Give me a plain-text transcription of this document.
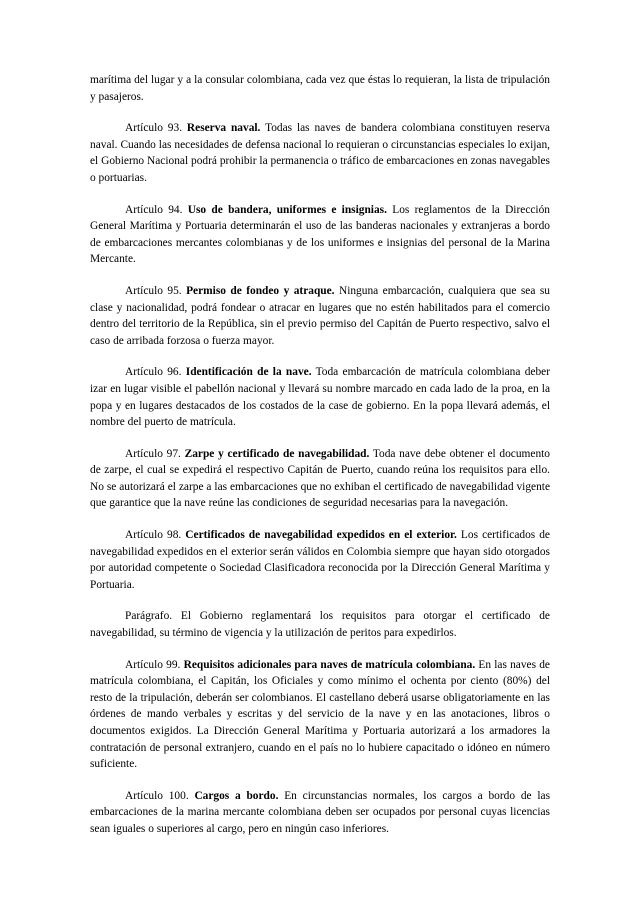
marítima del lugar y a la consular colombiana, cada vez que éstas lo requieran, la lista de tripulación y pasajeros.

Artículo 93. Reserva naval. Todas las naves de bandera colombiana constituyen reserva naval. Cuando las necesidades de defensa nacional lo requieran o circunstancias especiales lo exijan, el Gobierno Nacional podrá prohibir la permanencia o tráfico de embarcaciones en zonas navegables o portuarias.

Artículo 94. Uso de bandera, uniformes e insignias. Los reglamentos de la Dirección General Marítima y Portuaria determinarán el uso de las banderas nacionales y extranjeras a bordo de embarcaciones mercantes colombianas y de los uniformes e insignias del personal de la Marina Mercante.

Artículo 95. Permiso de fondeo y atraque. Ninguna embarcación, cualquiera que sea su clase y nacionalidad, podrá fondear o atracar en lugares que no estén habilitados para el comercio dentro del territorio de la República, sin el previo permiso del Capitán de Puerto respectivo, salvo el caso de arribada forzosa o fuerza mayor.

Artículo 96. Identificación de la nave. Toda embarcación de matrícula colombiana deber izar en lugar visible el pabellón nacional y llevará su nombre marcado en cada lado de la proa, en la popa y en lugares destacados de los costados de la case de gobierno. En la popa llevará además, el nombre del puerto de matrícula.

Artículo 97. Zarpe y certificado de navegabilidad. Toda nave debe obtener el documento de zarpe, el cual se expedirá el respectivo Capitán de Puerto, cuando reúna los requisitos para ello. No se autorizará el zarpe a las embarcaciones que no exhiban el certificado de navegabilidad vigente que garantice que la nave reúne las condiciones de seguridad necesarias para la navegación.

Artículo 98. Certificados de navegabilidad expedidos en el exterior. Los certificados de navegabilidad expedidos en el exterior serán válidos en Colombia siempre que hayan sido otorgados por autoridad competente o Sociedad Clasificadora reconocida por la Dirección General Marítima y Portuaria.

Parágrafo. El Gobierno reglamentará los requisitos para otorgar el certificado de navegabilidad, su término de vigencia y la utilización de peritos para expedirlos.

Artículo 99. Requisitos adicionales para naves de matrícula colombiana. En las naves de matrícula colombiana, el Capitán, los Oficiales y como mínimo el ochenta por ciento (80%) del resto de la tripulación, deberán ser colombianos. El castellano deberá usarse obligatoriamente en las órdenes de mando verbales y escritas y del servicio de la nave y en las anotaciones, libros o documentos exigidos. La Dirección General Marítima y Portuaria autorizará a los armadores la contratación de personal extranjero, cuando en el país no lo hubiere capacitado o idóneo en número suficiente.

Artículo 100. Cargos a bordo. En circunstancias normales, los cargos a bordo de las embarcaciones de la marina mercante colombiana deben ser ocupados por personal cuyas licencias sean iguales o superiores al cargo, pero en ningún caso inferiores.
